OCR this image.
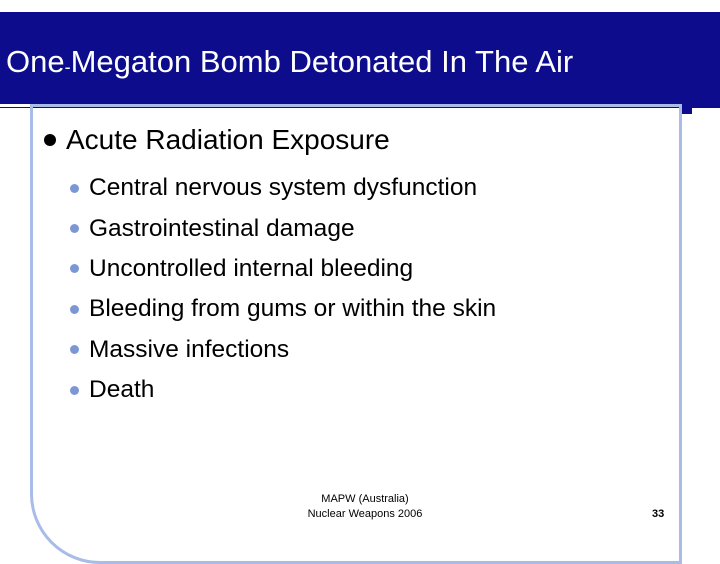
One-Megaton Bomb Detonated In The Air
Acute Radiation Exposure
Central nervous system dysfunction
Gastrointestinal damage
Uncontrolled internal bleeding
Bleeding from gums or within the skin
Massive infections
Death
MAPW (Australia)
Nuclear Weapons 2006	33
